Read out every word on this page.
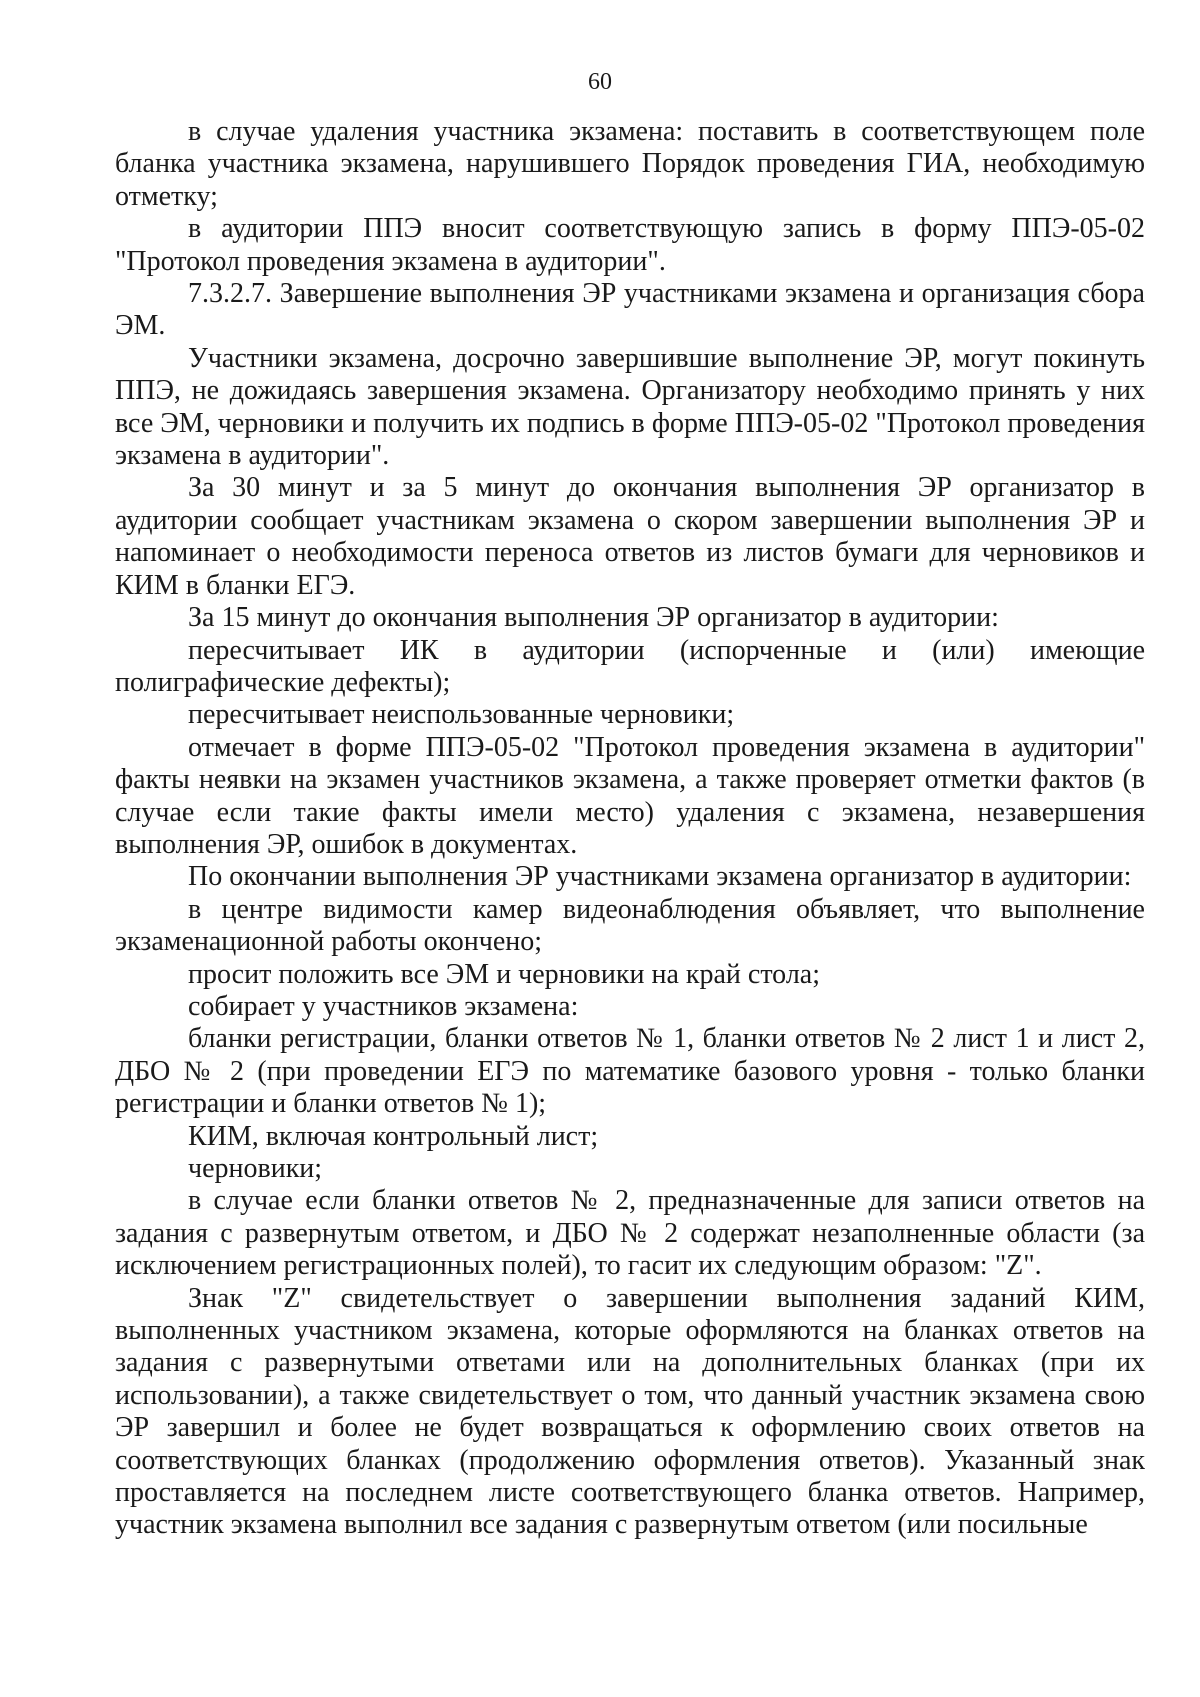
60

в случае удаления участника экзамена: поставить в соответствующем поле бланка участника экзамена, нарушившего Порядок проведения ГИА, необходимую отметку;

в аудитории ППЭ вносит соответствующую запись в форму ППЭ-05-02 "Протокол проведения экзамена в аудитории".

7.3.2.7. Завершение выполнения ЭР участниками экзамена и организация сбора ЭМ.

Участники экзамена, досрочно завершившие выполнение ЭР, могут покинуть ППЭ, не дожидаясь завершения экзамена. Организатору необходимо принять у них все ЭМ, черновики и получить их подпись в форме ППЭ-05-02 "Протокол проведения экзамена в аудитории".

За 30 минут и за 5 минут до окончания выполнения ЭР организатор в аудитории сообщает участникам экзамена о скором завершении выполнения ЭР и напоминает о необходимости переноса ответов из листов бумаги для черновиков и КИМ в бланки ЕГЭ.

За 15 минут до окончания выполнения ЭР организатор в аудитории:

пересчитывает ИК в аудитории (испорченные и (или) имеющие полиграфические дефекты);

пересчитывает неиспользованные черновики;

отмечает в форме ППЭ-05-02 "Протокол проведения экзамена в аудитории" факты неявки на экзамен участников экзамена, а также проверяет отметки фактов (в случае если такие факты имели место) удаления с экзамена, незавершения выполнения ЭР, ошибок в документах.

По окончании выполнения ЭР участниками экзамена организатор в аудитории:

в центре видимости камер видеонаблюдения объявляет, что выполнение экзаменационной работы окончено;

просит положить все ЭМ и черновики на край стола;

собирает у участников экзамена:

бланки регистрации, бланки ответов № 1, бланки ответов № 2 лист 1 и лист 2, ДБО № 2 (при проведении ЕГЭ по математике базового уровня - только бланки регистрации и бланки ответов № 1);

КИМ, включая контрольный лист;

черновики;

в случае если бланки ответов № 2, предназначенные для записи ответов на задания с развернутым ответом, и ДБО № 2 содержат незаполненные области (за исключением регистрационных полей), то гасит их следующим образом: "Z".

Знак "Z" свидетельствует о завершении выполнения заданий КИМ, выполненных участником экзамена, которые оформляются на бланках ответов на задания с развернутыми ответами или на дополнительных бланках (при их использовании), а также свидетельствует о том, что данный участник экзамена свою ЭР завершил и более не будет возвращаться к оформлению своих ответов на соответствующих бланках (продолжению оформления ответов). Указанный знак проставляется на последнем листе соответствующего бланка ответов. Например, участник экзамена выполнил все задания с развернутым ответом (или посильные
